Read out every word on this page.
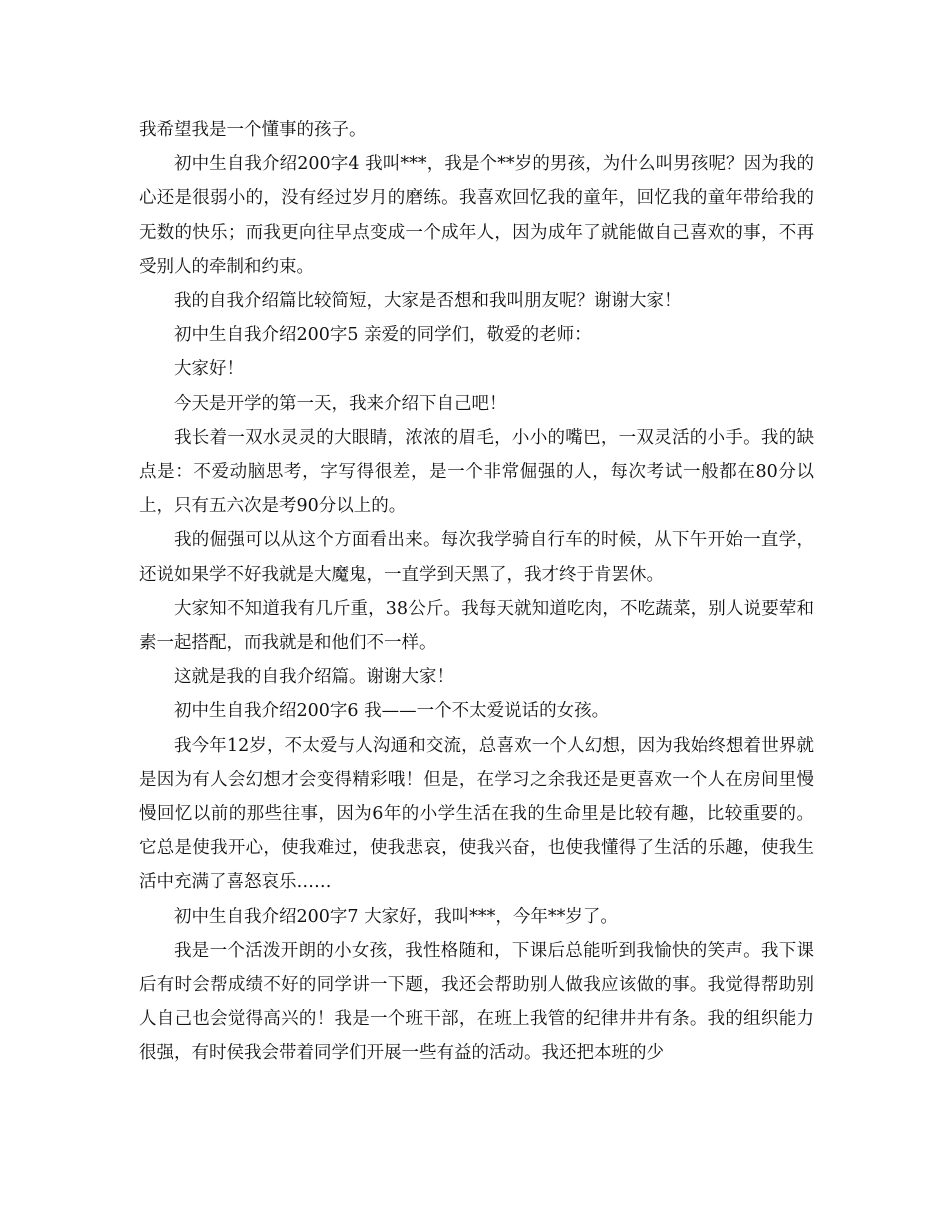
我希望我是一个懂事的孩子。

初中生自我介绍200字4 我叫***，我是个**岁的男孩，为什么叫男孩呢？因为我的心还是很弱小的，没有经过岁月的磨练。我喜欢回忆我的童年，回忆我的童年带给我的无数的快乐；而我更向往早点变成一个成年人，因为成年了就能做自己喜欢的事，不再受别人的牵制和约束。

我的自我介绍篇比较简短，大家是否想和我叫朋友呢？谢谢大家！

初中生自我介绍200字5 亲爱的同学们，敬爱的老师：

大家好！

今天是开学的第一天，我来介绍下自己吧！

我长着一双水灵灵的大眼睛，浓浓的眉毛，小小的嘴巴，一双灵活的小手。我的缺点是：不爱动脑思考，字写得很差，是一个非常倔强的人，每次考试一般都在80分以上，只有五六次是考90分以上的。

我的倔强可以从这个方面看出来。每次我学骑自行车的时候，从下午开始一直学，还说如果学不好我就是大魔鬼，一直学到天黑了，我才终于肯罢休。

大家知不知道我有几斤重，38公斤。我每天就知道吃肉，不吃蔬菜，别人说要荤和素一起搭配，而我就是和他们不一样。

这就是我的自我介绍篇。谢谢大家！

初中生自我介绍200字6 我——一个不太爱说话的女孩。

我今年12岁，不太爱与人沟通和交流，总喜欢一个人幻想，因为我始终想着世界就是因为有人会幻想才会变得精彩哦！但是，在学习之余我还是更喜欢一个人在房间里慢慢回忆以前的那些往事，因为6年的小学生活在我的生命里是比较有趣，比较重要的。它总是使我开心，使我难过，使我悲哀，使我兴奋，也使我懂得了生活的乐趣，使我生活中充满了喜怒哀乐……

初中生自我介绍200字7 大家好，我叫***，今年**岁了。

我是一个活泼开朗的小女孩，我性格随和，下课后总能听到我愉快的笑声。我下课后有时会帮成绩不好的同学讲一下题，我还会帮助别人做我应该做的事。我觉得帮助别人自己也会觉得高兴的！我是一个班干部，在班上我管的纪律井井有条。我的组织能力很强，有时侯我会带着同学们开展一些有益的活动。我还把本班的少
